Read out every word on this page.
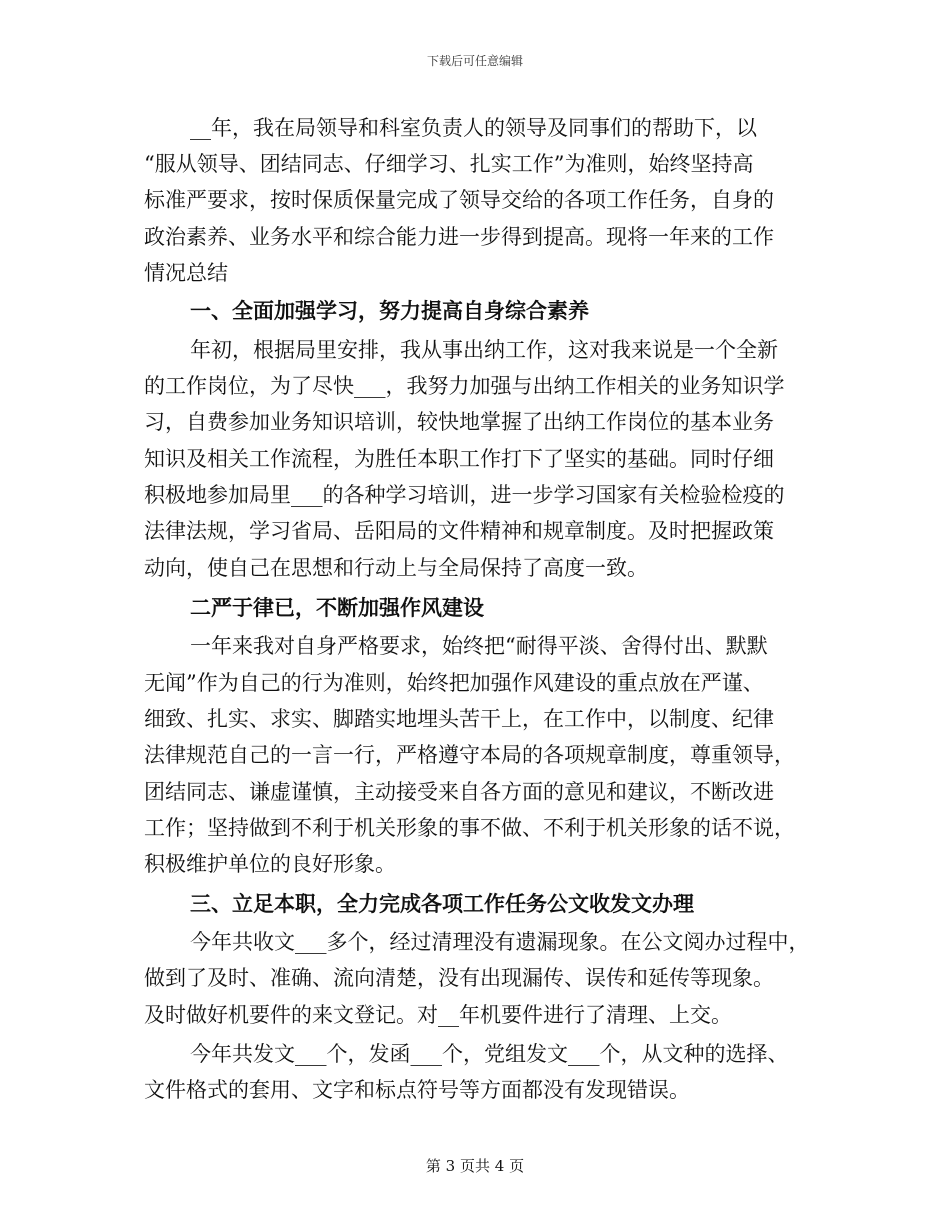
下载后可任意编辑
__年，我在局领导和科室负责人的领导及同事们的帮助下，以
“服从领导、团结同志、仔细学习、扎实工作”为准则，始终坚持高
标准严要求，按时保质保量完成了领导交给的各项工作任务，自身的
政治素养、业务水平和综合能力进一步得到提高。现将一年来的工作
情况总结
一、全面加强学习，努力提高自身综合素养
年初，根据局里安排，我从事出纳工作，这对我来说是一个全新
的工作岗位，为了尽快___，我努力加强与出纳工作相关的业务知识学
习，自费参加业务知识培训，较快地掌握了出纳工作岗位的基本业务
知识及相关工作流程，为胜任本职工作打下了坚实的基础。同时仔细
积极地参加局里___的各种学习培训，进一步学习国家有关检验检疫的
法律法规，学习省局、岳阳局的文件精神和规章制度。及时把握政策
动向，使自己在思想和行动上与全局保持了高度一致。
二严于律已，不断加强作风建设
一年来我对自身严格要求，始终把“耐得平淡、舍得付出、默默
无闻”作为自己的行为准则，始终把加强作风建设的重点放在严谨、
细致、扎实、求实、脚踏实地埋头苦干上，在工作中，以制度、纪律
法律规范自己的一言一行，严格遵守本局的各项规章制度，尊重领导，
团结同志、谦虚谨慎，主动接受来自各方面的意见和建议，不断改进
工作；坚持做到不利于机关形象的事不做、不利于机关形象的话不说，
积极维护单位的良好形象。
三、立足本职，全力完成各项工作任务公文收发文办理
今年共收文___多个，经过清理没有遗漏现象。在公文阅办过程中，
做到了及时、准确、流向清楚，没有出现漏传、误传和延传等现象。
及时做好机要件的来文登记。对__年机要件进行了清理、上交。
今年共发文___个，发函___个，党组发文___个，从文种的选择、
文件格式的套用、文字和标点符号等方面都没有发现错误。
第 3 页共 4 页
